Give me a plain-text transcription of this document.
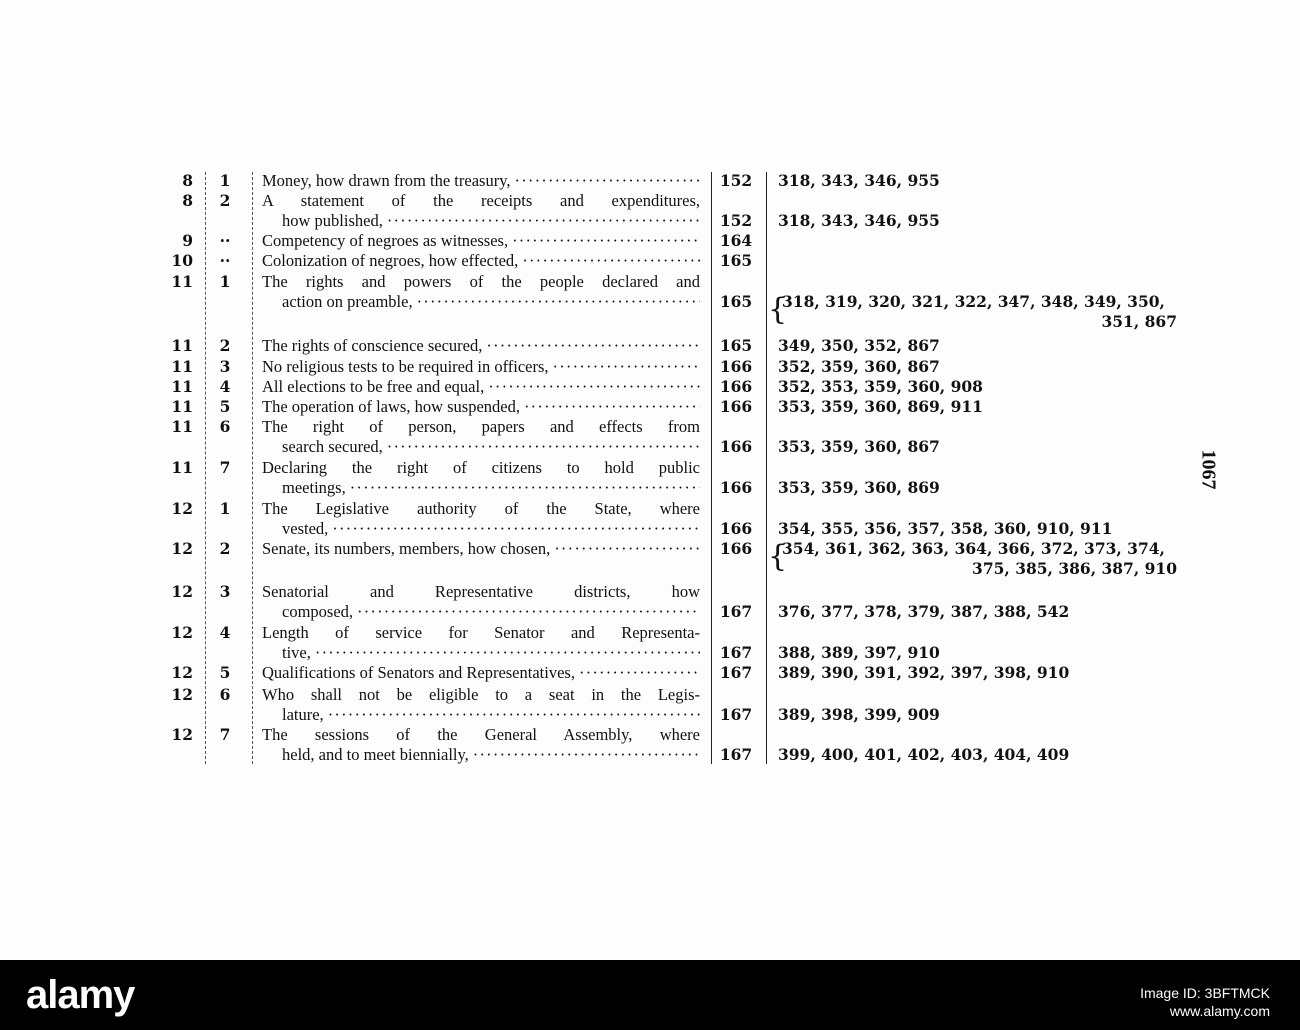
8 1 Money, how drawn from the treasury, ·····	152	318, 343, 346, 955
8 2 A statement of the receipts and expenditures,
how published, ·····	152	318, 343, 346, 955
9 ·· Competency of negroes as witnesses, ·····	164
10 ·· Colonization of negroes, how effected, ·····	165
11 1 The rights and powers of the people declared and
action on preamble, ·····	165	318, 319, 320, 321, 322, 347, 348, 349, 350,
351, 867
{
11 2 The rights of conscience secured, ·····	165	349, 350, 352, 867
11 3 No religious tests to be required in officers, ·····	166	352, 359, 360, 867
11 4 All elections to be free and equal, ·····	166	352, 353, 359, 360, 908
11 5 The operation of laws, how suspended, ·····	166	353, 359, 360, 869, 911
11 6 The right of person, papers and effects from
search secured, ·····	166	353, 359, 360, 867
11 7 Declaring the right of citizens to hold public
meetings, ·····	166	353, 359, 360, 869
12 1 The Legislative authority of the State, where
vested, ·····	166	354, 355, 356, 357, 358, 360, 910, 911
12 2 Senate, its numbers, members, how chosen, ·····	166	354, 361, 362, 363, 364, 366, 372, 373, 374,
375, 385, 386, 387, 910
{
12 3 Senatorial and Representative districts, how
composed, ·····	167	376, 377, 378, 379, 387, 388, 542
12 4 Length of service for Senator and Representa-
tive, ·····	167	388, 389, 397, 910
12 5 Qualifications of Senators and Representatives, ·····	167	389, 390, 391, 392, 397, 398, 910
12 6 Who shall not be eligible to a seat in the Legis-
lature, ·····	167	389, 398, 399, 909
12 7 The sessions of the General Assembly, where
held, and to meet biennially, ·····	167	399, 400, 401, 402, 403, 404, 409
1067
alamy	Image ID: 3BFTMCK
www.alamy.com
